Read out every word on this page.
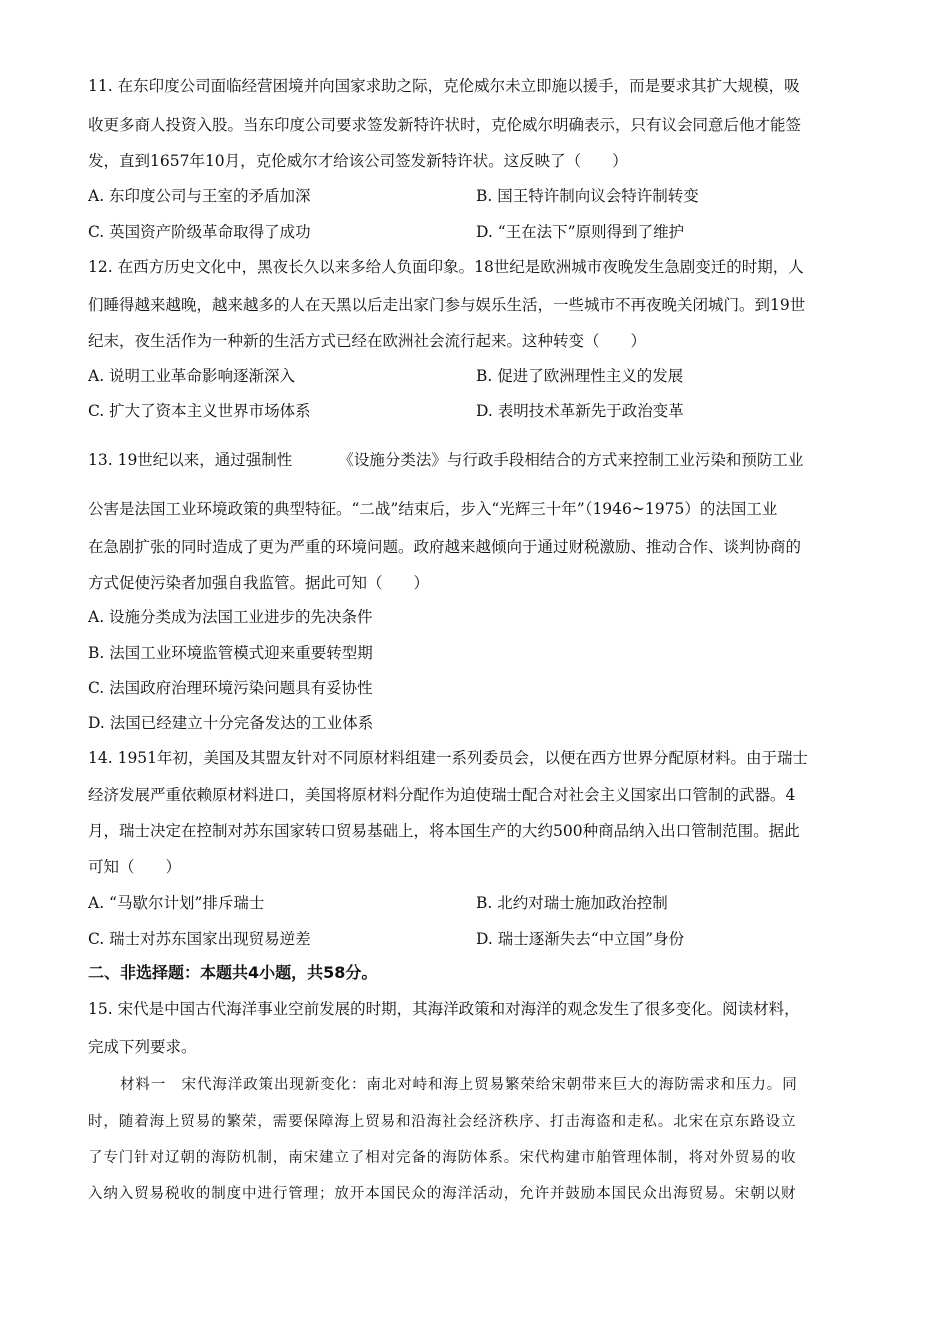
11. 在东印度公司面临经营困境并向国家求助之际，克伦威尔未立即施以援手，而是要求其扩大规模，吸
收更多商人投资入股。当东印度公司要求签发新特许状时，克伦威尔明确表示，只有议会同意后他才能签
发，直到1657年10月，克伦威尔才给该公司签发新特许状。这反映了（　　）
A. 东印度公司与王室的矛盾加深	B. 国王特许制向议会特许制转变
C. 英国资产阶级革命取得了成功	D. “王在法下”原则得到了维护
12. 在西方历史文化中，黑夜长久以来多给人负面印象。18世纪是欧洲城市夜晚发生急剧变迁的时期，人
们睡得越来越晚，越来越多的人在天黑以后走出家门参与娱乐生活，一些城市不再夜晚关闭城门。到19世
纪末，夜生活作为一种新的生活方式已经在欧洲社会流行起来。这种转变（　　）
A. 说明工业革命影响逐渐深入	B. 促进了欧洲理性主义的发展
C. 扩大了资本主义世界市场体系	D. 表明技术革新先于政治变革
13. 19世纪以来，通过强制性	《设施分类法》与行政手段相结合的方式来控制工业污染和预防工业
公害是法国工业环境政策的典型特征。“二战”结束后，步入“光辉三十年”（1946~1975）的法国工业
在急剧扩张的同时造成了更为严重的环境问题。政府越来越倾向于通过财税激励、推动合作、谈判协商的
方式促使污染者加强自我监管。据此可知（　　）
A. 设施分类成为法国工业进步的先决条件
B. 法国工业环境监管模式迎来重要转型期
C. 法国政府治理环境污染问题具有妥协性
D. 法国已经建立十分完备发达的工业体系
14. 1951年初，美国及其盟友针对不同原材料组建一系列委员会，以便在西方世界分配原材料。由于瑞士
经济发展严重依赖原材料进口，美国将原材料分配作为迫使瑞士配合对社会主义国家出口管制的武器。4
月，瑞士决定在控制对苏东国家转口贸易基础上，将本国生产的大约500种商品纳入出口管制范围。据此
可知（　　）
A. “马歇尔计划”排斥瑞士	B. 北约对瑞士施加政治控制
C. 瑞士对苏东国家出现贸易逆差	D. 瑞士逐渐失去“中立国”身份
二、非选择题：本题共4小题，共58分。
15. 宋代是中国古代海洋事业空前发展的时期，其海洋政策和对海洋的观念发生了很多变化。阅读材料，
完成下列要求。
材料一　宋代海洋政策出现新变化：南北对峙和海上贸易繁荣给宋朝带来巨大的海防需求和压力。同
时，随着海上贸易的繁荣，需要保障海上贸易和沿海社会经济秩序、打击海盗和走私。北宋在京东路设立
了专门针对辽朝的海防机制，南宋建立了相对完备的海防体系。宋代构建市舶管理体制，将对外贸易的收
入纳入贸易税收的制度中进行管理；放开本国民众的海洋活动，允许并鼓励本国民众出海贸易。宋朝以财
